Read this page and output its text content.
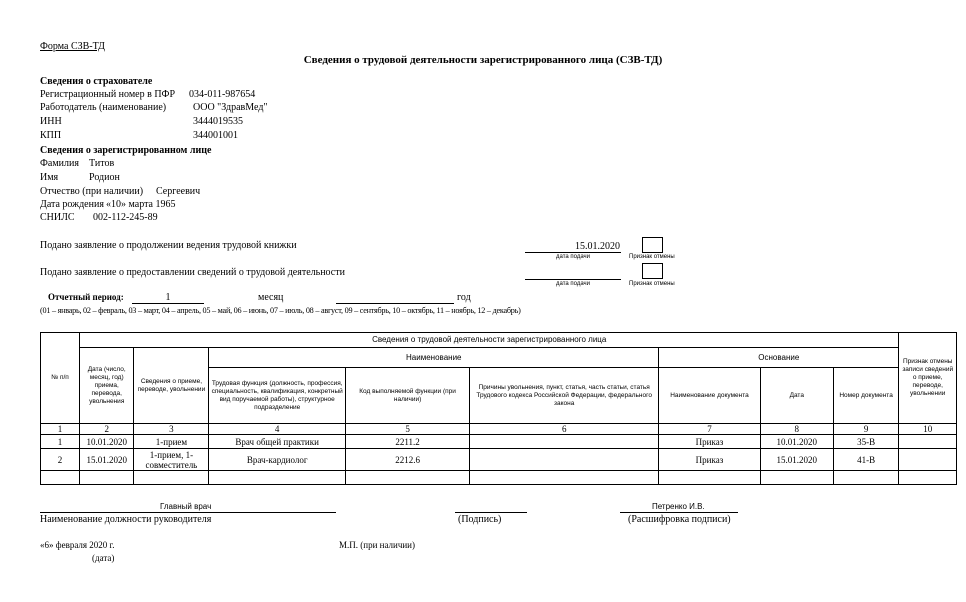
Форма СЗВ-ТД
Сведения о трудовой деятельности зарегистрированного лица (СЗВ-ТД)
Сведения о страхователе
Регистрационный номер в ПФР 034-011-987654
Работодатель (наименование)	ООО "ЗдравМед"
ИНН	3444019535
КПП	344001001
Сведения о зарегистрированном лице
Фамилия Титов
Имя	Родион
Отчество (при наличии) Сергеевич
Дата рождения «10» марта 1965
СНИЛС 002-112-245-89
Подано заявление о продолжении ведения трудовой книжки	15.01.2020
дата подачи	Признак отмены
Подано заявление о предоставлении сведений о трудовой деятельности
дата подачи	Признак отмены
Отчетный период:	1	месяц	год
(01 – январь, 02 – февраль, 03 – март, 04 – апрель, 05 – май, 06 – июнь, 07 – июль, 08 – август, 09 – сентябрь, 10 – октябрь, 11 – ноябрь, 12 – декабрь)
№ п/п	Сведения о трудовой деятельности зарегистрированного лица								Признак отмены записи сведений о приеме, переводе, увольнении
	Дата (число, месяц, год) приема, перевода, увольнения	Сведения о приеме, переводе, увольнении	Наименование			Основание			
			Трудовая функция (должность, профессия, специальность, квалификация, конкретный вид поручаемой работы), структурное подразделение	Код выполняемой функции (при наличии)	Причины увольнения, пункт, статья, часть статьи, статья Трудового кодекса Российской Федерации, федерального закона	Наименование документа	Дата	Номер документа	
1	2	3	4	5	6	7	8	9	10
1	10.01.2020	1-прием	Врач общей практики	2211.2		Приказ	10.01.2020	35-В	
2	15.01.2020	1-прием, 1-совместитель	Врач-кардиолог	2212.6		Приказ	15.01.2020	41-В	

Главный врач
Наименование должности руководителя	(Подпись)
Петренко И.В.
(Расшифровка подписи)
«6» февраля 2020 г.
(дата)
М.П. (при наличии)
